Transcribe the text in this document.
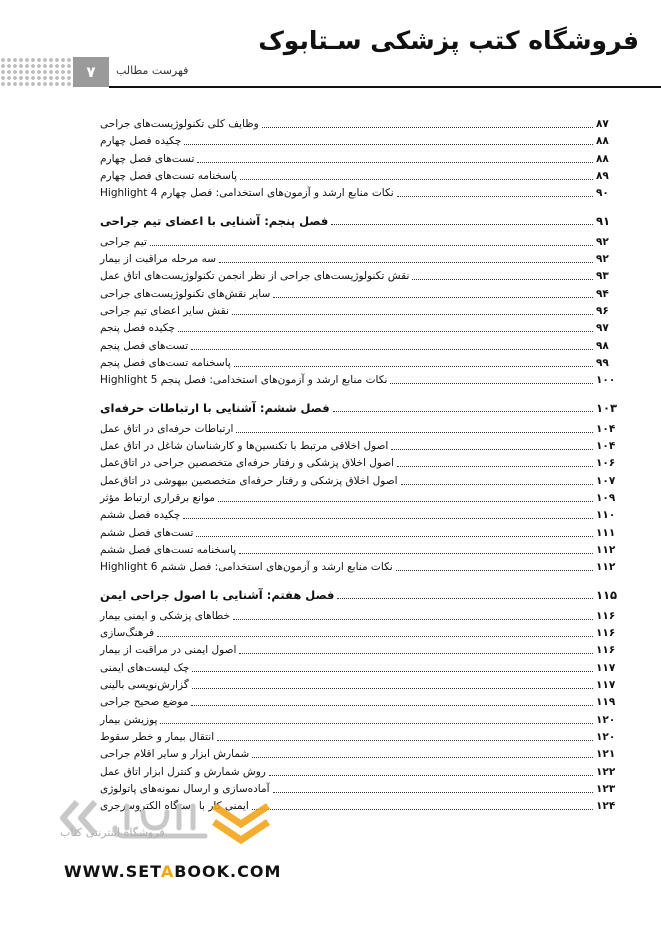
فروشگاه کتب پزشکی سـتابوک
۷	فهرست مطالب
وظایف کلی تکنولوژیست‌های جراحی	۸۷
چکیده فصل چهارم	۸۸
تست‌های فصل چهارم	۸۸
پاسخنامه تست‌های فصل چهارم	۸۹
نکات منابع ارشد و آزمون‌های استخدامی: فصل چهارم Highlight 4	۹۰
فصل پنجم: آشنایی با اعضای تیم جراحی	۹۱
تیم جراحی	۹۲
سه مرحله مراقبت از بیمار	۹۲
نقش تکنولوژیست‌های جراحی از نظر انجمن تکنولوژیست‌های اتاق عمل	۹۳
سایر نقش‌های تکنولوژیست‌های جراحی	۹۴
نقش سایر اعضای تیم جراحی	۹۶
چکیده فصل پنجم	۹۷
تست‌های فصل پنجم	۹۸
پاسخنامه تست‌های فصل پنجم	۹۹
نکات منابع ارشد و آزمون‌های استخدامی: فصل پنجم Highlight 5	۱۰۰
فصل ششم: آشنایی با ارتباطات حرفه‌ای	۱۰۳
ارتباطات حرفه‌ای در اتاق عمل	۱۰۴
اصول اخلاقی مرتبط با تکنسین‌ها و کارشناسان شاغل در اتاق عمل	۱۰۴
اصول اخلاق پزشکی و رفتار حرفه‌ای متخصصین جراحی در اتاق‌عمل	۱۰۶
اصول اخلاق پزشکی و رفتار حرفه‌ای متخصصین بیهوشی در اتاق‌عمل	۱۰۷
موانع برقراری ارتباط مؤثر	۱۰۹
چکیده فصل ششم	۱۱۰
تست‌های فصل ششم	۱۱۱
پاسخنامه تست‌های فصل ششم	۱۱۲
نکات منابع ارشد و آزمون‌های استخدامی: فصل ششم Highlight 6	۱۱۲
فصل هفتم: آشنایی با اصول جراحی ایمن	۱۱۵
خطاهای پزشکی و ایمنی بیمار	۱۱۶
فرهنگ‌سازی	۱۱۶
اصول ایمنی در مراقبت از بیمار	۱۱۶
چک لیست‌های ایمنی	۱۱۷
گزارش‌نویسی بالینی	۱۱۷
موضع صحیح جراحی	۱۱۹
پوزیشن بیمار	۱۲۰
انتقال بیمار و خطر سقوط	۱۲۰
شمارش ابزار و سایر اقلام جراحی	۱۲۱
روش شمارش و کنترل ابزار اتاق عمل	۱۲۲
آماده‌سازی و ارسال نمونه‌های پاتولوژی	۱۲۳
ایمنی کار با دستگاه الکتروسرجری	۱۲۴
فروشگاه اینترنتی کتاب
WWW.SETABOOK.COM
